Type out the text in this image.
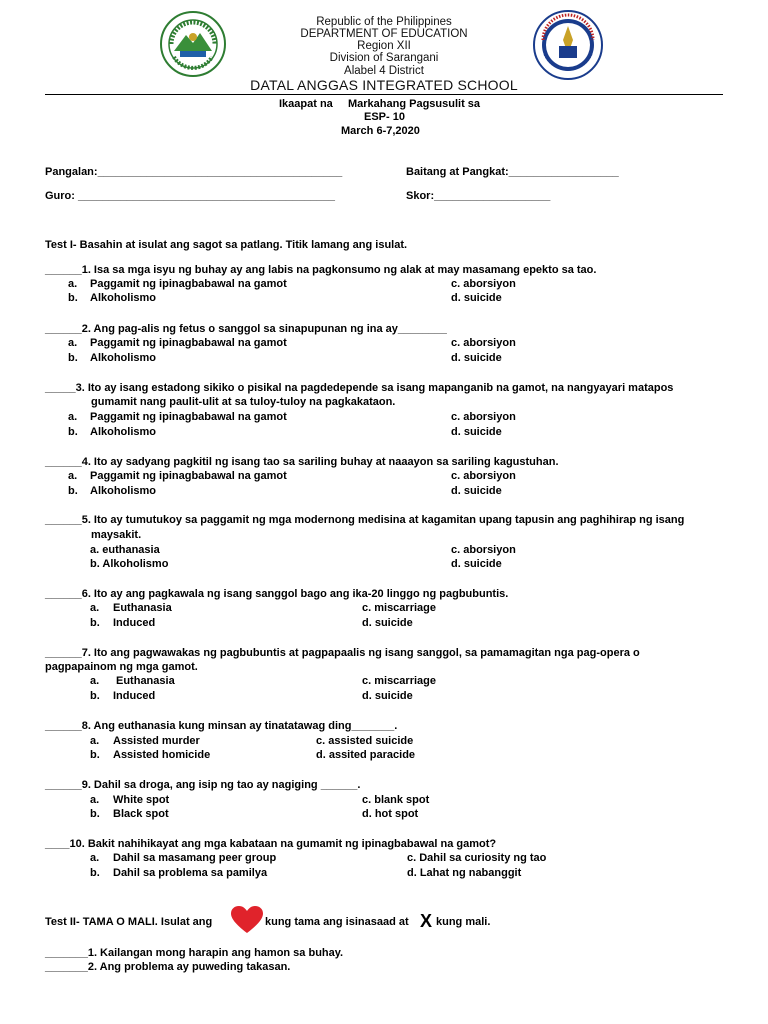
Republic of the Philippines
DEPARTMENT OF EDUCATION
Region XII
Division of Sarangani
Alabel 4 District
DATAL ANGGAS INTEGRATED SCHOOL
Ikaapat na Markahang Pagsusulit sa
ESP- 10
March 6-7,2020
Pangalan:________________________________________	Baitang at Pangkat:__________________
Guro: __________________________________________	Skor:___________________
Test I- Basahin at isulat ang sagot sa patlang. Titik lamang ang isulat.
______1. Isa sa mga isyu ng buhay ay ang labis na pagkonsumo ng alak at may masamang epekto sa tao.
a. Paggamit ng ipinagbabawal na gamot
b. Alkoholismo
c. aborsiyon
d. suicide
______2. Ang pag-alis ng fetus o sanggol sa sinapupunan ng ina ay________
a. Paggamit ng ipinagbabawal na gamot
b. Alkoholismo
c. aborsiyon
d. suicide
_____3. Ito ay isang estadong sikiko o pisikal na pagdedependе sa isang mapanganib na gamot, na nangyayari matapos
gumamit nang paulit-ulit at sa tuloy-tuloy na pagkakataon.
a. Paggamit ng ipinagbabawal na gamot
b. Alkoholismo
c. aborsiyon
d. suicide
______4. Ito ay sadyang pagkitil ng isang tao sa sariling buhay at naaayon sa sariling kagustuhan.
a. Paggamit ng ipinagbabawal na gamot
b. Alkoholismo
c. aborsiyon
d. suicide
______5. Ito ay tumutukoy sa paggamit ng mga modernong medisina at kagamitan upang tapusin ang paghihirap ng isang
maysakit.
a. euthanasia
b. Alkoholismo
c. aborsiyon
d. suicide
______6. Ito ay ang pagkawala ng isang sanggol bago ang ika-20 linggo ng pagbubuntis.
a. Euthanasia
b. Induced
c. miscarriage
d. suicide
______7. Ito ang pagwawakas ng pagbubuntis at pagpapaalis ng isang sanggol, sa pamamagitan nga pag-opera o
pagpapainom ng mga gamot.
a. Euthanasia
b. Induced
c. miscarriage
d. suicide
______8. Ang euthanasia kung minsan ay tinatatawag ding_______.
a. Assisted murder
b. Assisted homicide
c. assisted suicide
d. assited paracide
______9. Dahil sa droga, ang isip ng tao ay nagiging ______.
a. White spot
b. Black spot
c. blank spot
d. hot spot
____10. Bakit nahihikayat ang mga kabataan na gumamit ng ipinagbabawal na gamot?
a. Dahil sa masamang peer group
b. Dahil sa problema sa pamilya
c. Dahil sa curiosity ng tao
d. Lahat ng nabanggit
Test II- TAMA O MALI. Isulat ang	kung tama ang isinasaad at X kung mali.
_______1. Kailangan mong harapin ang hamon sa buhay.
_______2. Ang problema ay puweding takasan.
